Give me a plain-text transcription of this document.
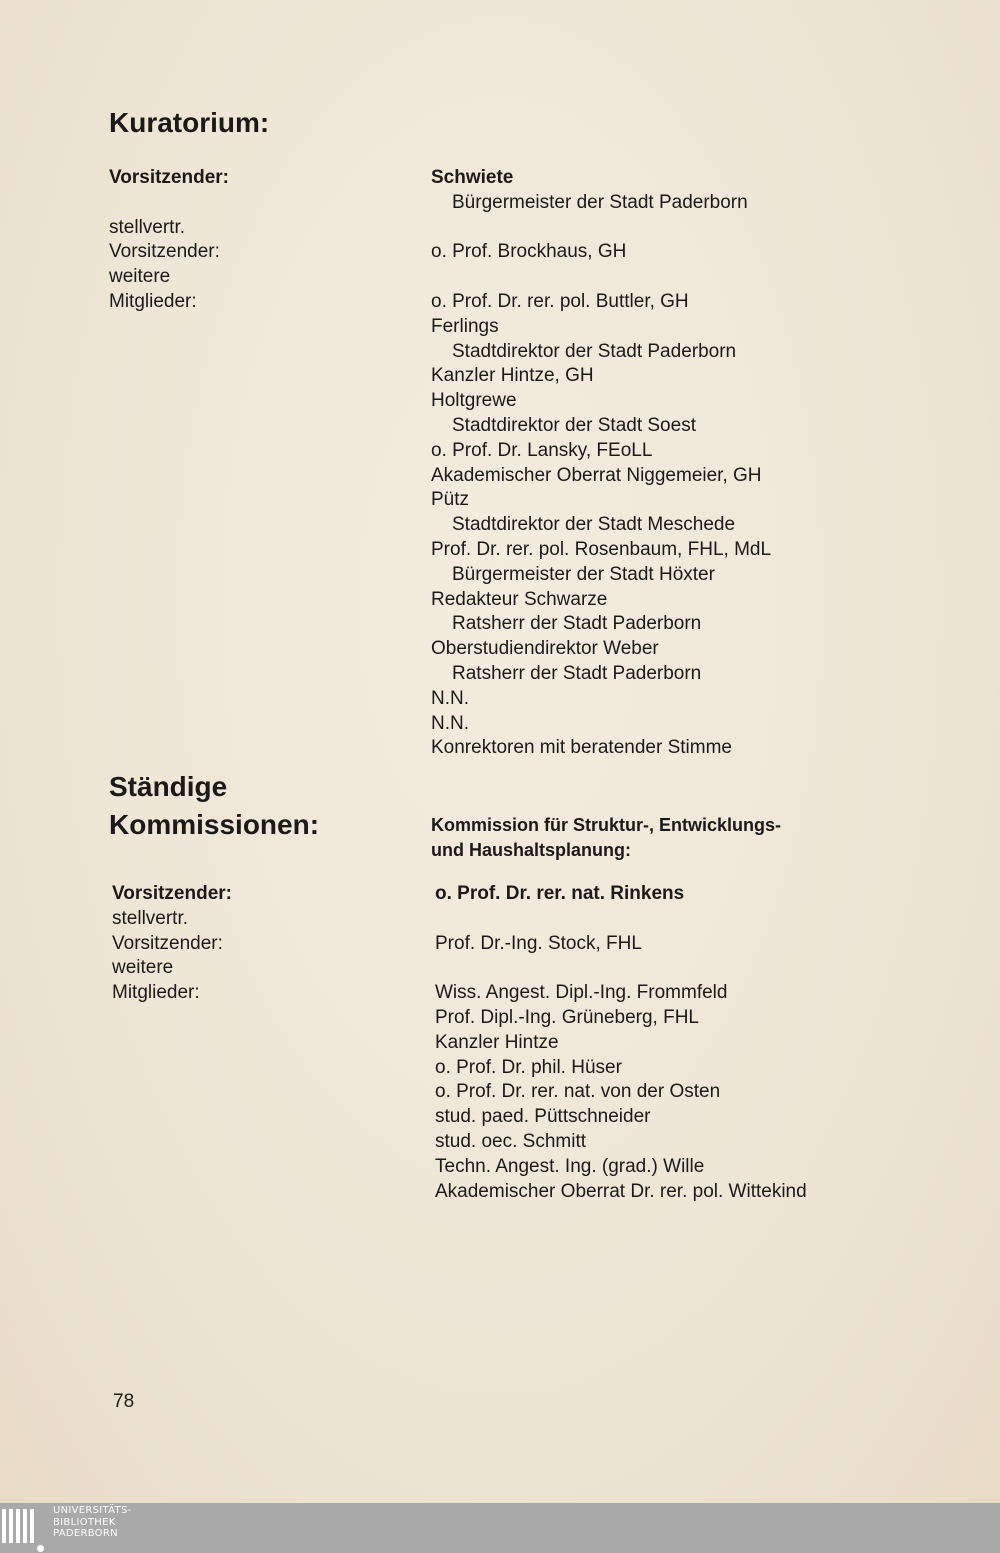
Kuratorium:
Vorsitzender:
stellvertr.
Vorsitzender:
weitere
Mitglieder:
Schwiete
Bürgermeister der Stadt Paderborn
o. Prof. Brockhaus, GH
o. Prof. Dr. rer. pol. Buttler, GH
Ferlings
Stadtdirektor der Stadt Paderborn
Kanzler Hintze, GH
Holtgrewe
Stadtdirektor der Stadt Soest
o. Prof. Dr. Lansky, FEoLL
Akademischer Oberrat Niggemeier, GH
Pütz
Stadtdirektor der Stadt Meschede
Prof. Dr. rer. pol. Rosenbaum, FHL, MdL
Bürgermeister der Stadt Höxter
Redakteur Schwarze
Ratsherr der Stadt Paderborn
Oberstudiendirektor Weber
Ratsherr der Stadt Paderborn
N.N.
N.N.
Konrektoren mit beratender Stimme
Ständige
Kommissionen:	Kommission für Struktur-, Entwicklungs-
und Haushaltsplanung:
Vorsitzender:
stellvertr.
Vorsitzender:
weitere
Mitglieder:
o. Prof. Dr. rer. nat. Rinkens
Prof. Dr.-Ing. Stock, FHL
Wiss. Angest. Dipl.-Ing. Frommfeld
Prof. Dipl.-Ing. Grüneberg, FHL
Kanzler Hintze
o. Prof. Dr. phil. Hüser
o. Prof. Dr. rer. nat. von der Osten
stud. paed. Püttschneider
stud. oec. Schmitt
Techn. Angest. Ing. (grad.) Wille
Akademischer Oberrat Dr. rer. pol. Wittekind
78
UNIVERSITÄTS-
BIBLIOTHEK
PADERBORN
